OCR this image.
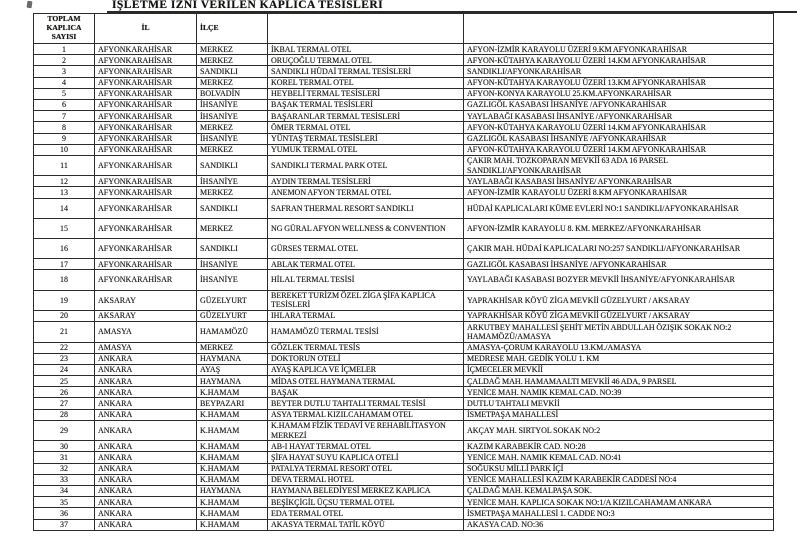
İŞLETME İZNİ VERİLEN KAPLICA TESİSLERİ
TOPLAM KAPLICA SAYISI	İL	İLÇE		
1	AFYONKARAHİSAR	MERKEZ	İKBAL TERMAL OTEL	AFYON-İZMİR KARAYOLU ÜZERİ 9.KM AFYONKARAHİSAR
2	AFYONKARAHİSAR	MERKEZ	ORUÇOĞLU TERMAL OTEL	AFYON-KÜTAHYA KARAYOLU ÜZERİ 14.KM AFYONKARAHİSAR
3	AFYONKARAHİSAR	SANDIKLI	SANDIKLI HÜDAİ TERMAL TESİSLERİ	SANDIKLI/AFYONKARAHİSAR
4	AFYONKARAHİSAR	MERKEZ	KOREL TERMAL OTEL	AFYON-KÜTAHYA KARAYOLU ÜZERİ 13.KM AFYONKARAHİSAR
5	AFYONKARAHİSAR	BOLVADİN	HEYBELİ TERMAL TESİSLERİ	AFYON-KONYA KARAYOLU 25.KM.AFYONKARAHİSAR
6	AFYONKARAHİSAR	İHSANİYE	BAŞAK TERMAL TESİSLERİ	GAZLIGÖL KASABASI İHSANİYE /AFYONKARAHİSAR
7	AFYONKARAHİSAR	İHSANİYE	BAŞARANLAR TERMAL TESİSLERİ	YAYLABAĞI KASABASI İHSANİYE /AFYONKARAHİSAR
8	AFYONKARAHİSAR	MERKEZ	ÖMER TERMAL OTEL	AFYON-KÜTAHYA KARAYOLU ÜZERİ 14.KM AFYONKARAHİSAR
9	AFYONKARAHİSAR	İHSANİYE	YÜNTAŞ TERMAL TESİSLERİ	GAZLIGÖL KASABASI İHSANİYE /AFYONKARAHİSAR
10	AFYONKARAHİSAR	MERKEZ	YUMUK TERMAL OTEL	AFYON-KÜTAHYA KARAYOLU ÜZERİ 14.KM AFYONKARAHİSAR
11	AFYONKARAHİSAR	SANDIKLI	SANDIKLI TERMAL PARK OTEL	ÇAKIR MAH. TOZKOPARAN MEVKİİ 63 ADA 16 PARSEL SANDIKLI/AFYONKARAHİSAR
12	AFYONKARAHİSAR	İHSANİYE	AYDIN TERMAL TESİSLERİ	YAYLABAĞI KASABASI İHSANİYE/ AFYONKARAHİSAR
13	AFYONKARAHİSAR	MERKEZ	ANEMON AFYON TERMAL OTEL	AFYON-İZMİR KARAYOLU ÜZERİ 8.KM AFYONKARAHİSAR
14	AFYONKARAHİSAR	SANDIKLI	SAFRAN THERMAL RESORT SANDIKLI	HÜDAİ KAPLICALARI KÜME EVLERİ NO:1 SANDIKLI/AFYONKARAHİSAR
15	AFYONKARAHİSAR	MERKEZ	NG GÜRAL AFYON WELLNESS & CONVENTION	AFYON-İZMİR KARAYOLU 8. KM. MERKEZ/AFYONKARAHİSAR
16	AFYONKARAHİSAR	SANDIKLI	GÜRSES TERMAL OTEL	ÇAKIR MAH. HÜDAİ KAPLICALARI NO:257 SANDIKLI/AFYONKARAHİSAR
17	AFYONKARAHİSAR	İHSANİYE	ABLAK TERMAL OTEL	GAZLIGÖL KASABASI İHSANİYE /AFYONKARAHİSAR
18	AFYONKARAHİSAR	İHSANİYE	HİLAL TERMAL TESİSİ	YAYLABAĞI KASABASI BOZYER MEVKİİ İHSANİYE/AFYONKARAHİSAR
19	AKSARAY	GÜZELYURT	BEREKET TURİZM ÖZEL ZİGA ŞİFA KAPLICA TESİSLERİ	YAPRAKHİSAR KÖYÜ ZİGA MEVKİİ GÜZELYURT / AKSARAY
20	AKSARAY	GÜZELYURT	IHLARA TERMAL	YAPRAKHİSAR KÖYÜ ZİGA MEVKİİ GÜZELYURT / AKSARAY
21	AMASYA	HAMAMÖZÜ	HAMAMÖZÜ TERMAL TESİSİ	ARKUTBEY MAHALLESİ ŞEHİT METİN ABDULLAH ÖZIŞIK SOKAK NO:2 HAMAMÖZÜ/AMASYA
22	AMASYA	MERKEZ	GÖZLEK TERMAL TESİS	AMASYA-ÇORUM KARAYOLU 13.KM./AMASYA
23	ANKARA	HAYMANA	DOKTORUN OTELİ	MEDRESE MAH. GEDİK YOLU 1. KM
24	ANKARA	AYAŞ	AYAŞ KAPLICA VE İÇMELER	İÇMECELER MEVKİİ
25	ANKARA	HAYMANA	MİDAS OTEL HAYMANA TERMAL	ÇALDAĞ MAH. HAMAMAALTI MEVKİİ 46 ADA, 9 PARSEL
26	ANKARA	K.HAMAM	BAŞAK	YENİCE MAH. NAMIK KEMAL CAD. NO:39
27	ANKARA	BEYPAZARI	BEYTER DUTLU TAHTALI TERMAL TESİSİ	DUTLU TAHTALI MEVKİİ
28	ANKARA	K.HAMAM	ASYA TERMAL KIZILCAHAMAM OTEL	İSMETPAŞA MAHALLESİ
29	ANKARA	K.HAMAM	K.HAMAM FİZİK TEDAVİ VE REHABİLİTASYON MERKEZİ	AKÇAY MAH. SIRTYOL SOKAK NO:2
30	ANKARA	K.HAMAM	AB-I HAYAT TERMAL OTEL	KAZIM KARABEKİR CAD. NO:28
31	ANKARA	K.HAMAM	ŞİFA HAYAT SUYU KAPLICA OTELİ	YENİCE MAH. NAMIK KEMAL CAD. NO:41
32	ANKARA	K.HAMAM	PATALYA TERMAL RESORT OTEL	SOĞUKSU MİLLİ PARK İÇİ
33	ANKARA	K.HAMAM	DEVA TERMAL HOTEL	YENİCE MAHALLESİ KAZIM KARABEKİR CADDESİ NO:4
34	ANKARA	HAYMANA	HAYMANA BELEDİYESİ MERKEZ KAPLICA	ÇALDAĞ MAH. KEMALPAŞA SOK.
35	ANKARA	K.HAMAM	BEŞİKÇİGİL ÜÇSU TERMAL OTEL	YENİCE MAH. KAPLICA SOKAK NO:1/A KIZILCAHAMAM ANKARA
36	ANKARA	K.HAMAM	EDA TERMAL OTEL	İSMETPAŞA MAHALLESİ 1. CADDE NO:3
37	ANKARA	K.HAMAM	AKASYA TERMAL TATİL KÖYÜ	AKASYA CAD. NO:36
